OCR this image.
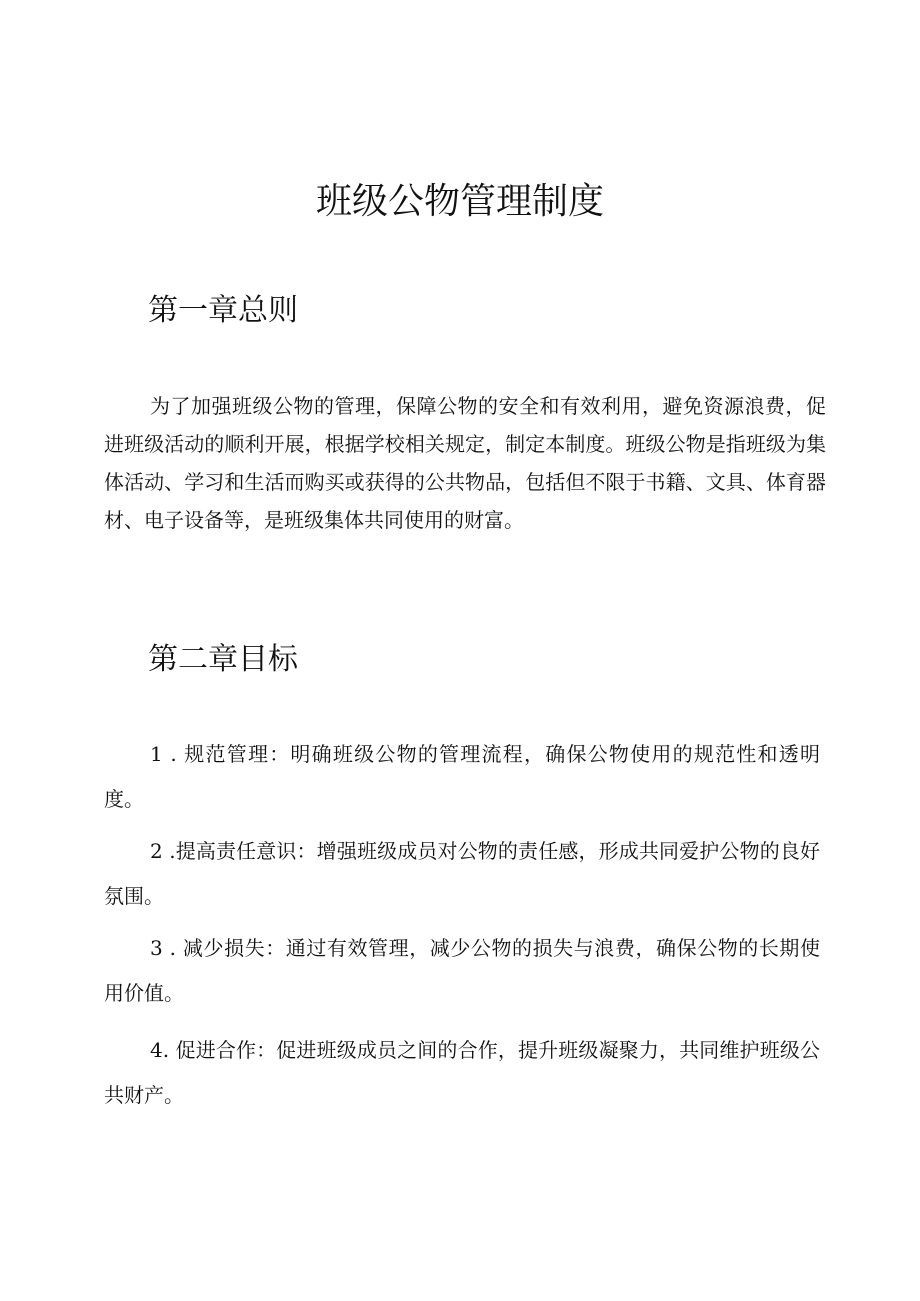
班级公物管理制度
第一章总则

为了加强班级公物的管理，保障公物的安全和有效利用，避免资源浪费，促进班级活动的顺利开展，根据学校相关规定，制定本制度。班级公物是指班级为集体活动、学习和生活而购买或获得的公共物品，包括但不限于书籍、文具、体育器材、电子设备等，是班级集体共同使用的财富。

第二章目标

1 . 规范管理：明确班级公物的管理流程，确保公物使用的规范性和透明度。

2 .提高责任意识：增强班级成员对公物的责任感，形成共同爱护公物的良好氛围。

3 . 减少损失：通过有效管理，减少公物的损失与浪费，确保公物的长期使用价值。

4. 促进合作：促进班级成员之间的合作，提升班级凝聚力，共同维护班级公共财产。
